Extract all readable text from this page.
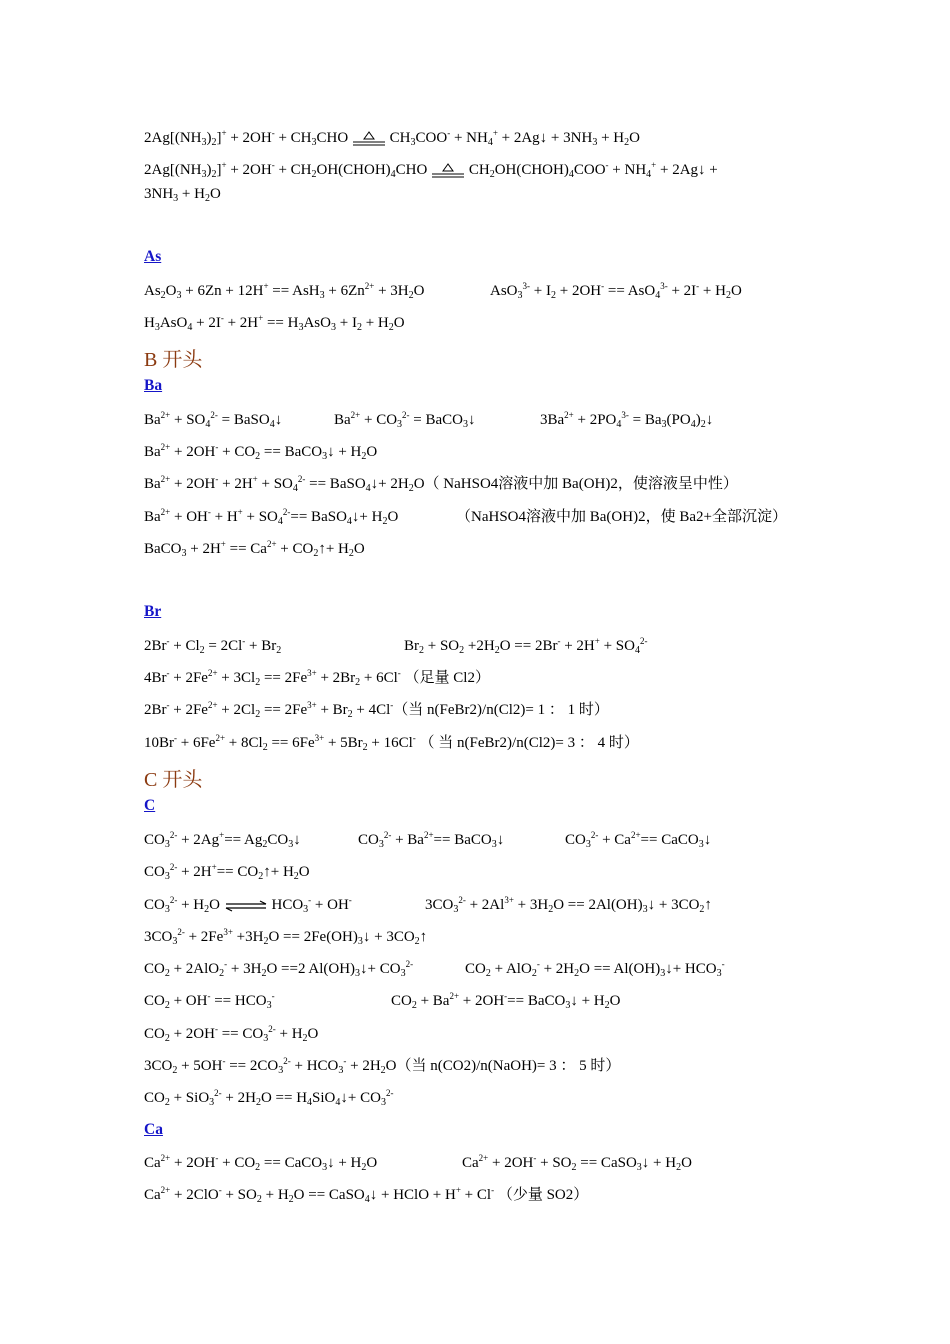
$2Ag[(NH_3)_2]^+ + 2OH^- + CH_3CHO$  $CH_3COO^- + NH_4^+$ + 2Ag↓ + $3NH_3 + H_2O$
$2Ag[(NH_3)_2]^+ + 2OH^-$ + $CH_2OH(CHOH)_4CHO$  $CH_2OH(CHOH)_4COO^- + NH_4^+$ + 2Ag↓ +
$3NH_3 + H_2O$
As
$As_2O_3 + 6Zn + 12H^+ == AsH_3 + 6Zn^{2+} + 3H_2O$	$AsO_3^{3-} + I_2 + 2OH^- == AsO_4^{3-} + 2I^- + H_2O$
$H_3AsO_4 + 2I^- + 2H^+ == H_3AsO_3 + I_2 + H_2O$
B 开头
Ba
$Ba^{2+} + SO_4^{2-}$ = BaSO$_4$↓	$Ba^{2+} + CO_3^{2-}$ = BaCO$_3$↓	$3Ba^{2+} + 2PO_4^{3-}$ = $Ba_3(PO_4)_2↓$
$Ba^{2+} + 2OH^- + CO_2$ == BaCO$_3$↓ + $H_2O$
$Ba^{2+} + 2OH^- + 2H^+ + SO_4^{2-}$ == BaSO$_4$↓+ $2H_2O$（ NaHSO4溶液中加 Ba(OH)2，使溶液呈中性）
$Ba^{2+} + OH^- + H^+ + SO_4^{2-}==$ BaSO$_4$↓+ $H_2O$	（NaHSO4溶液中加 Ba(OH)2，使 Ba2+全部沉淀）
BaCO$_3$ + $2H^+ == Ca^{2+}$ + $CO_2↑+ H_2O$
Br
$2Br^- + Cl_2 = 2Cl^- + Br_2$	$Br_2 + SO_2 +2H_2O == 2Br^- + 2H^+ + SO_4^{2-}$
$4Br^- + 2Fe^{2+} + 3Cl_2 == 2Fe^{3+} + 2Br_2 + 6Cl^-$ （足量 Cl2）
$2Br^- + 2Fe^{2+} + 2Cl_2 == 2Fe^{3+} + Br_2 + 4Cl^-$（当 n(FeBr2)/n(Cl2)= 1 ： 1 时）
$10Br^- + 6Fe^{2+} + 8Cl_2 == 6Fe^{3+} + 5Br_2 + 16Cl^-$ （ 当 n(FeBr2)/n(Cl2)= 3 ： 4 时）
C 开头
C
$CO_3^{2-} + 2Ag^+==$ $Ag_2CO_3↓$	$CO_3^{2-} + Ba^{2+}==$ BaCO$_3$↓	$CO_3^{2-} + Ca^{2+}==$ CaCO$_3$↓
$CO_3^{2-} + 2H^+==$ $CO_2↑+ H_2O$
$CO_3^{2-} + H_2O$ ⇌ $HCO_3^- + OH^-$	$3CO_3^{2-} + 2Al^{3+} + 3H_2O$ == $2Al(OH)_3↓$ + $3CO_2↑$
$3CO_3^{2-} + 2Fe^{3+} +3H_2O$ == $2Fe(OH)_3↓$ + $3CO_2↑$
$CO_2 + 2AlO_2^- + 3H_2O ==2$ $Al(OH)_3↓+ CO_3^{2-}$	$CO_2 + AlO_2^- + 2H_2O$ == $Al(OH)_3↓+ HCO_3^-$
$CO_2 + OH^- == HCO_3^-$	$CO_2 + Ba^{2+} + 2OH^-==$ BaCO$_3$↓ + $H_2O$
$CO_2 + 2OH^- == CO_3^{2-} + H_2O$
$3CO_2 + 5OH^- == 2CO_3^{2-} + HCO_3^- + 2H_2O$（当 n(CO2)/n(NaOH)= 3 ： 5 时）
$CO_2 + SiO_3^{2-} + 2H_2O$ == $H_4SiO_4↓+ CO_3^{2-}$
Ca
$Ca^{2+} + 2OH^- + CO_2$ == CaCO$_3$↓ + $H_2O$	$Ca^{2+} + 2OH^- + SO_2$ == CaSO$_3$↓ + $H_2O$
$Ca^{2+} + 2ClO^- + SO_2 + H_2O$ == CaSO$_4$↓ + HClO + H+ + Cl- （少量 SO2）
